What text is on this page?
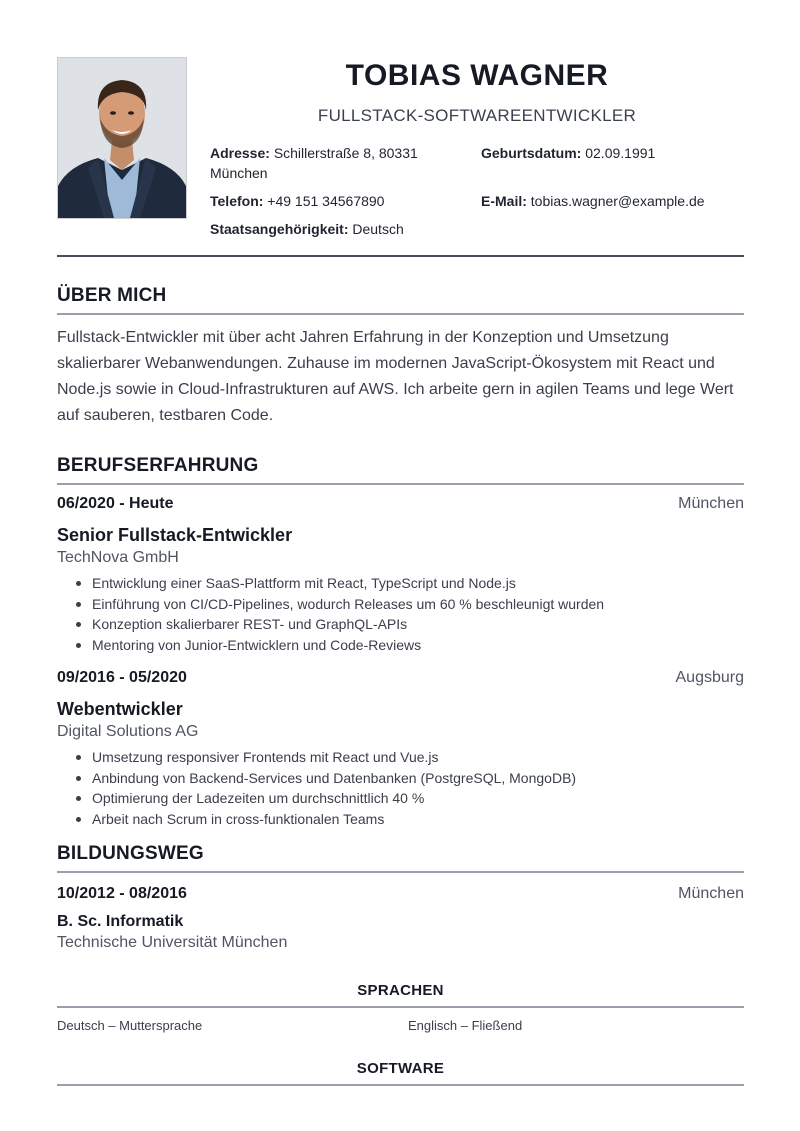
TOBIAS WAGNER
FULLSTACK-SOFTWAREENTWICKLER
Adresse: Schillerstraße 8, 80331 München
Geburtsdatum: 02.09.1991
Telefon: +49 151 34567890	E-Mail: tobias.wagner@example.de
Staatsangehörigkeit: Deutsch
ÜBER MICH
Fullstack-Entwickler mit über acht Jahren Erfahrung in der Konzeption und Umsetzung skalierbarer Webanwendungen. Zuhause im modernen JavaScript-Ökosystem mit React und Node.js sowie in Cloud-Infrastrukturen auf AWS. Ich arbeite gern in agilen Teams und lege Wert auf sauberen, testbaren Code.
BERUFSERFAHRUNG
06/2020 - Heute	München
Senior Fullstack-Entwickler
TechNova GmbH
Entwicklung einer SaaS-Plattform mit React, TypeScript und Node.js
Einführung von CI/CD-Pipelines, wodurch Releases um 60 % beschleunigt wurden
Konzeption skalierbarer REST- und GraphQL-APIs
Mentoring von Junior-Entwicklern und Code-Reviews
09/2016 - 05/2020	Augsburg
Webentwickler
Digital Solutions AG
Umsetzung responsiver Frontends mit React und Vue.js
Anbindung von Backend-Services und Datenbanken (PostgreSQL, MongoDB)
Optimierung der Ladezeiten um durchschnittlich 40 %
Arbeit nach Scrum in cross-funktionalen Teams
BILDUNGSWEG
10/2012 - 08/2016	München
B. Sc. Informatik
Technische Universität München
SPRACHEN
Deutsch – Muttersprache	Englisch – Fließend
SOFTWARE
